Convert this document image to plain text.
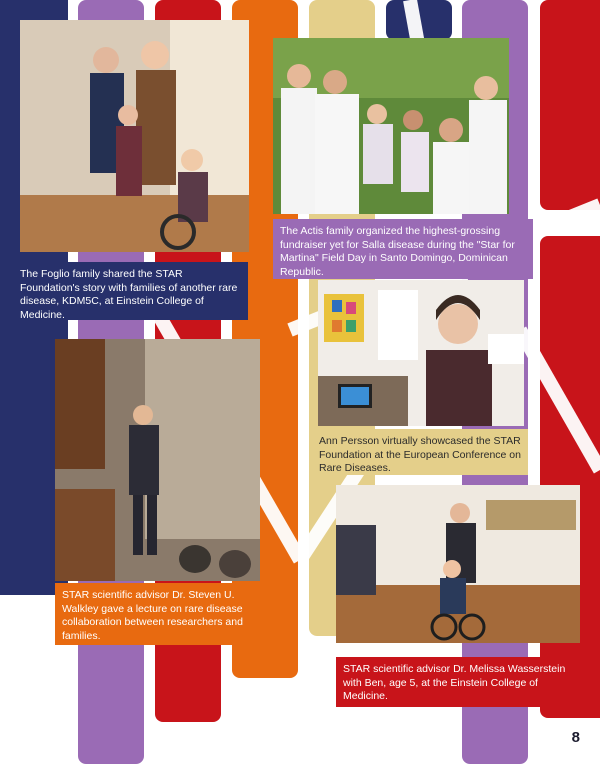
The Foglio family shared the STAR Foundation's story with families of another rare disease, KDM5C, at Einstein College of Medicine.
The Actis family organized the highest-grossing fundraiser yet for Salla disease during the "Star for Martina" Field Day in Santo Domingo, Dominican Republic.
Ann Persson virtually showcased the STAR Foundation at the European Conference on Rare Diseases.
STAR scientific advisor Dr. Steven U. Walkley gave a lecture on rare disease collaboration between researchers and families.
STAR scientific advisor Dr. Melissa Wasserstein with Ben, age 5, at the Einstein College of Medicine.
8
